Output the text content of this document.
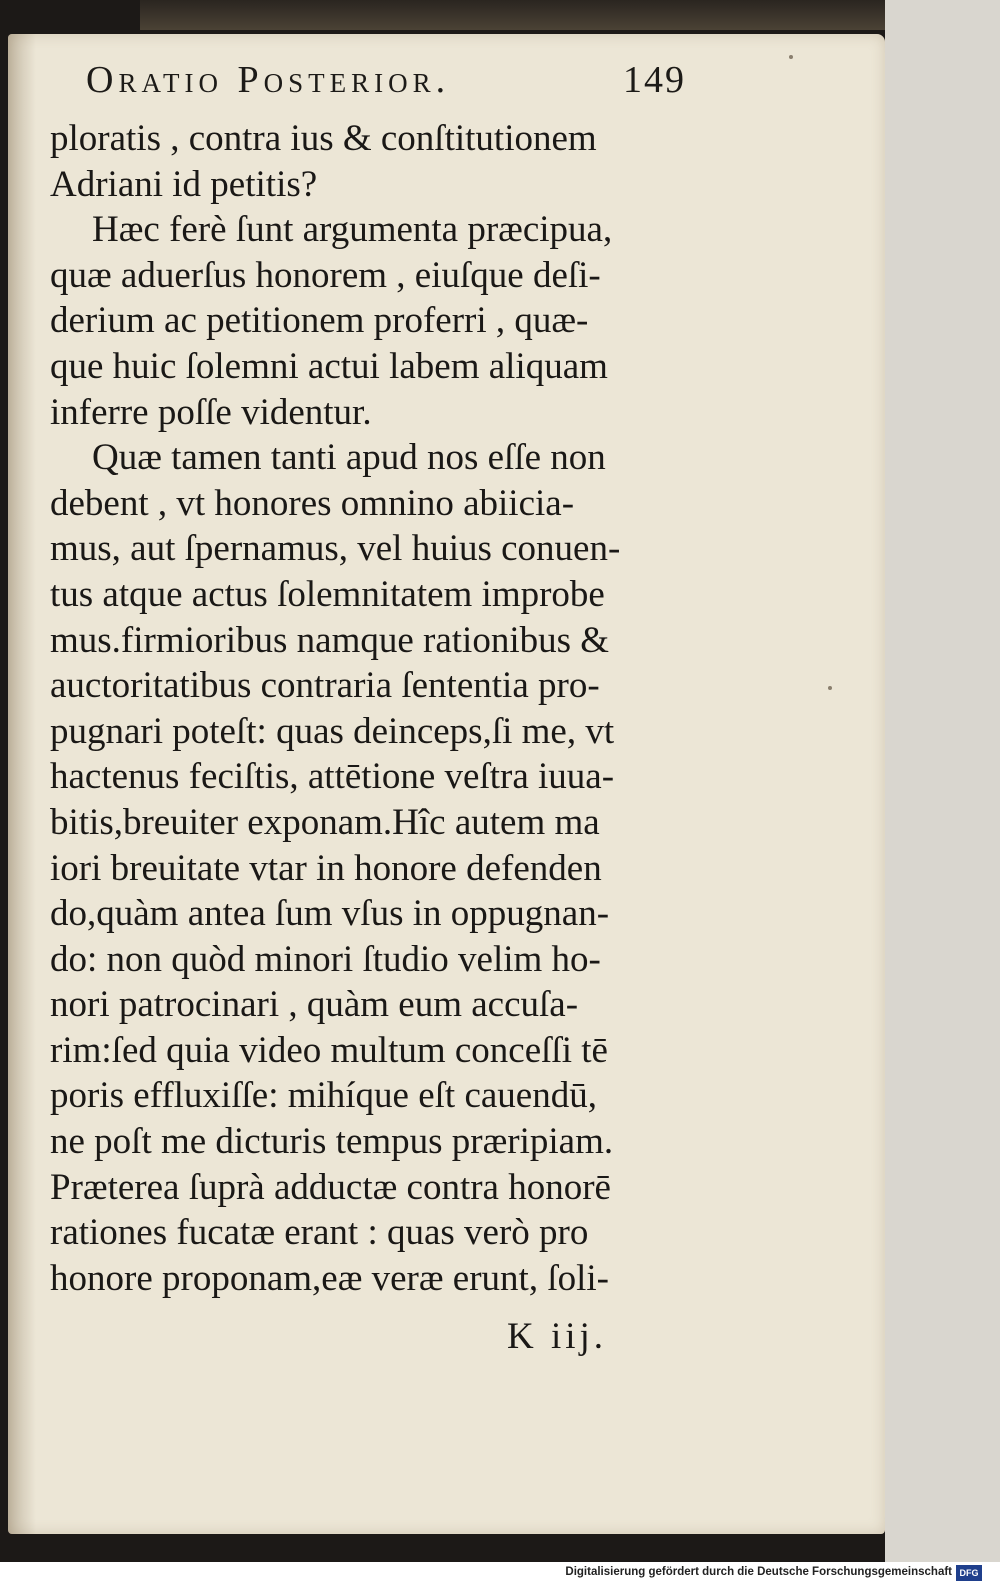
Oratio Posterior.	149
ploratis , contra ius & conſtitutionem
Adriani id petitis?
Hæc ferè ſunt argumenta præcipua,
quæ aduerſus honorem , eiuſque deſi-
derium ac petitionem proferri , quæ-
que huic ſolemni actui labem aliquam
inferre poſſe videntur.
Quæ tamen tanti apud nos eſſe non
debent , vt honores omnino abiicia-
mus, aut ſpernamus, vel huius conuen-
tus atque actus ſolemnitatem improbe
mus.firmioribus namque rationibus &
auctoritatibus contraria ſententia pro-
pugnari poteſt: quas deinceps,ſi me, vt
hactenus feciſtis, attētione veſtra iuua-
bitis,breuiter exponam.Hîc autem ma
iori breuitate vtar in honore defenden
do,quàm antea ſum vſus in oppugnan-
do: non quòd minori ſtudio velim ho-
nori patrocinari , quàm eum accuſa-
rim:ſed quia video multum conceſſi tē
poris effluxiſſe: mihíque eſt cauendū,
ne poſt me dicturis tempus præripiam.
Præterea ſuprà adductæ contra honorē
rationes fucatæ erant : quas verò pro
honore proponam,eæ veræ erunt, ſoli-
K iij.
Digitalisierung gefördert durch die Deutsche Forschungsgemeinschaft DFG
